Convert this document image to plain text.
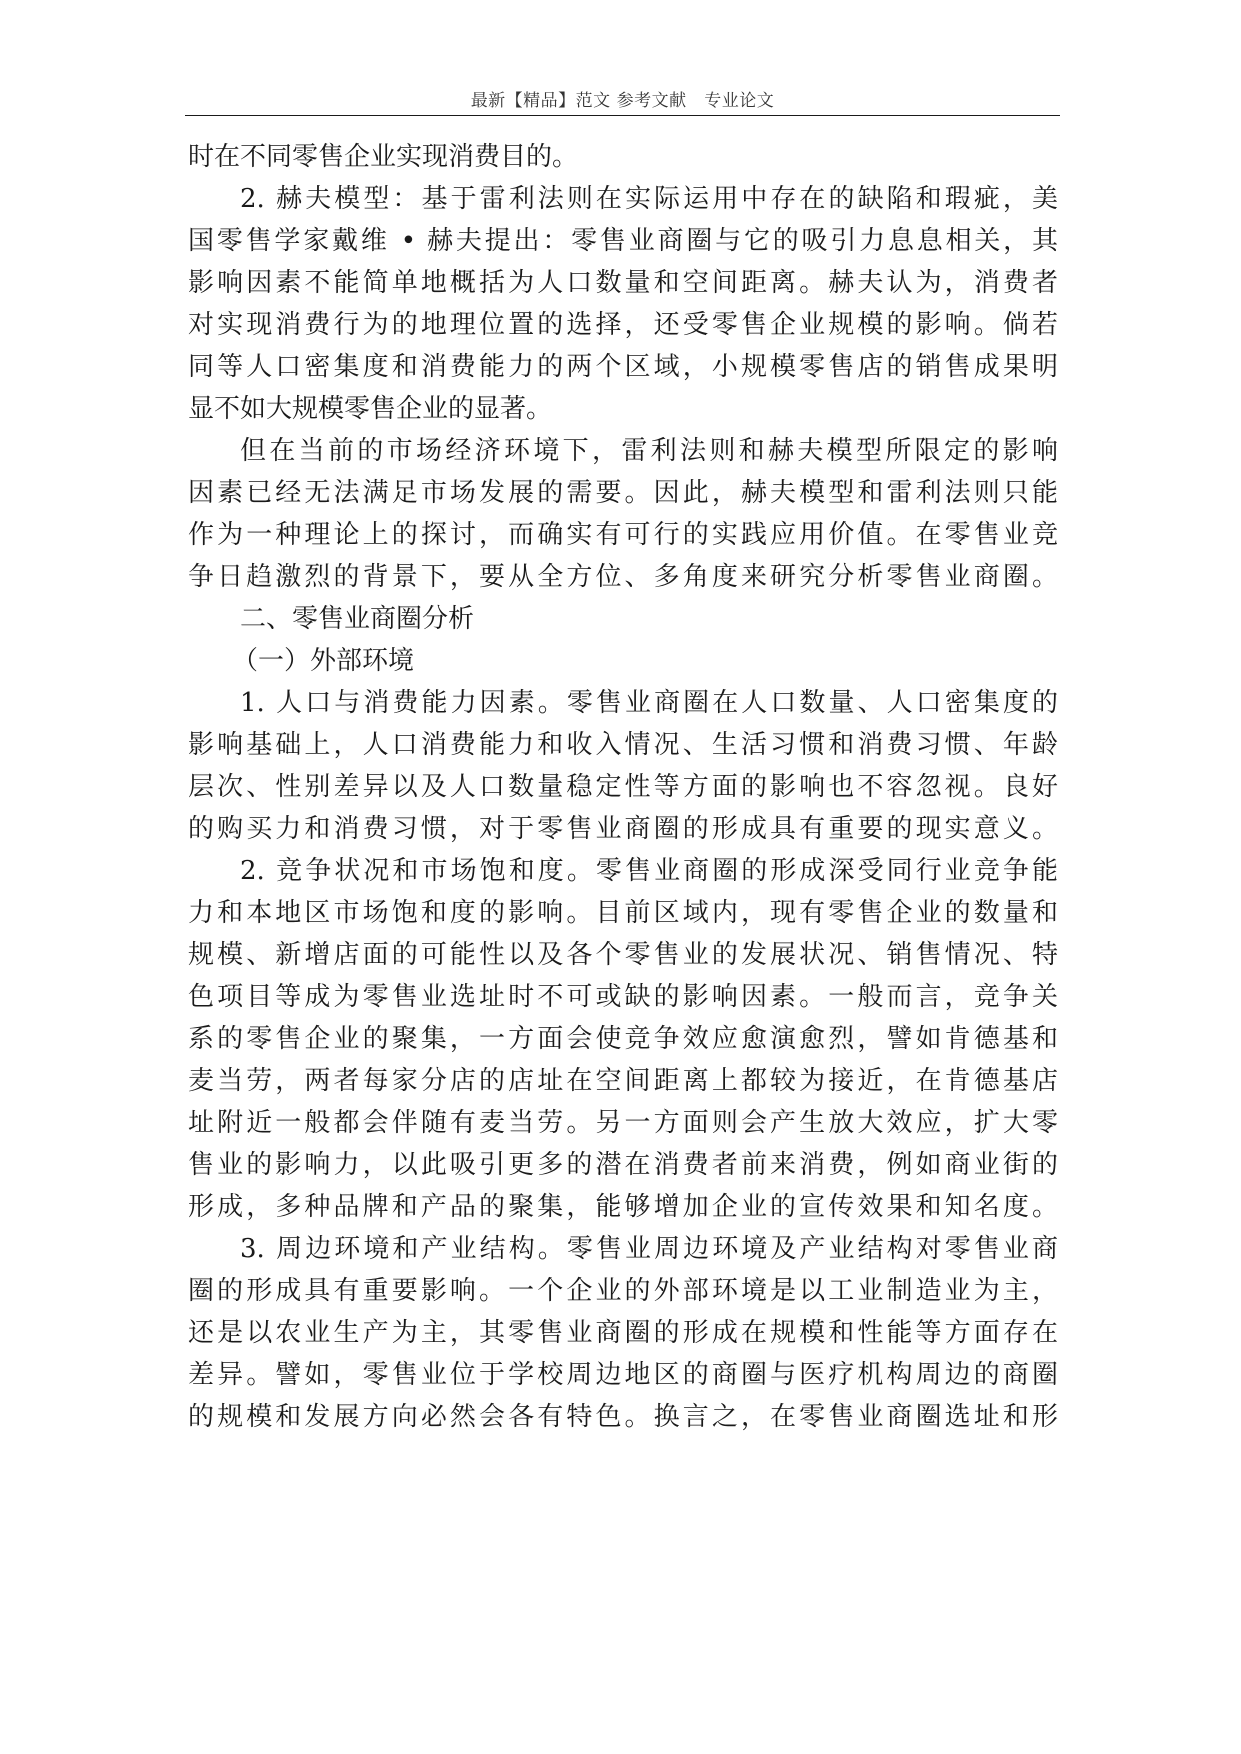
最新【精品】范文 参考文献   专业论文
时在不同零售企业实现消费目的。
2. 赫夫模型：基于雷利法则在实际运用中存在的缺陷和瑕疵，美
国零售学家戴维 • 赫夫提出：零售业商圈与它的吸引力息息相关，其
影响因素不能简单地概括为人口数量和空间距离。赫夫认为，消费者
对实现消费行为的地理位置的选择，还受零售企业规模的影响。倘若
同等人口密集度和消费能力的两个区域，小规模零售店的销售成果明
显不如大规模零售企业的显著。
但在当前的市场经济环境下，雷利法则和赫夫模型所限定的影响
因素已经无法满足市场发展的需要。因此，赫夫模型和雷利法则只能
作为一种理论上的探讨，而确实有可行的实践应用价值。在零售业竞
争日趋激烈的背景下，要从全方位、多角度来研究分析零售业商圈。
二、零售业商圈分析
（一）外部环境
1. 人口与消费能力因素。零售业商圈在人口数量、人口密集度的
影响基础上，人口消费能力和收入情况、生活习惯和消费习惯、年龄
层次、性别差异以及人口数量稳定性等方面的影响也不容忽视。良好
的购买力和消费习惯，对于零售业商圈的形成具有重要的现实意义。
2. 竞争状况和市场饱和度。零售业商圈的形成深受同行业竞争能
力和本地区市场饱和度的影响。目前区域内，现有零售企业的数量和
规模、新增店面的可能性以及各个零售业的发展状况、销售情况、特
色项目等成为零售业选址时不可或缺的影响因素。一般而言，竞争关
系的零售企业的聚集，一方面会使竞争效应愈演愈烈，譬如肯德基和
麦当劳，两者每家分店的店址在空间距离上都较为接近，在肯德基店
址附近一般都会伴随有麦当劳。另一方面则会产生放大效应，扩大零
售业的影响力，以此吸引更多的潜在消费者前来消费，例如商业街的
形成，多种品牌和产品的聚集，能够增加企业的宣传效果和知名度。
3. 周边环境和产业结构。零售业周边环境及产业结构对零售业商
圈的形成具有重要影响。一个企业的外部环境是以工业制造业为主，
还是以农业生产为主，其零售业商圈的形成在规模和性能等方面存在
差异。譬如，零售业位于学校周边地区的商圈与医疗机构周边的商圈
的规模和发展方向必然会各有特色。换言之，在零售业商圈选址和形
